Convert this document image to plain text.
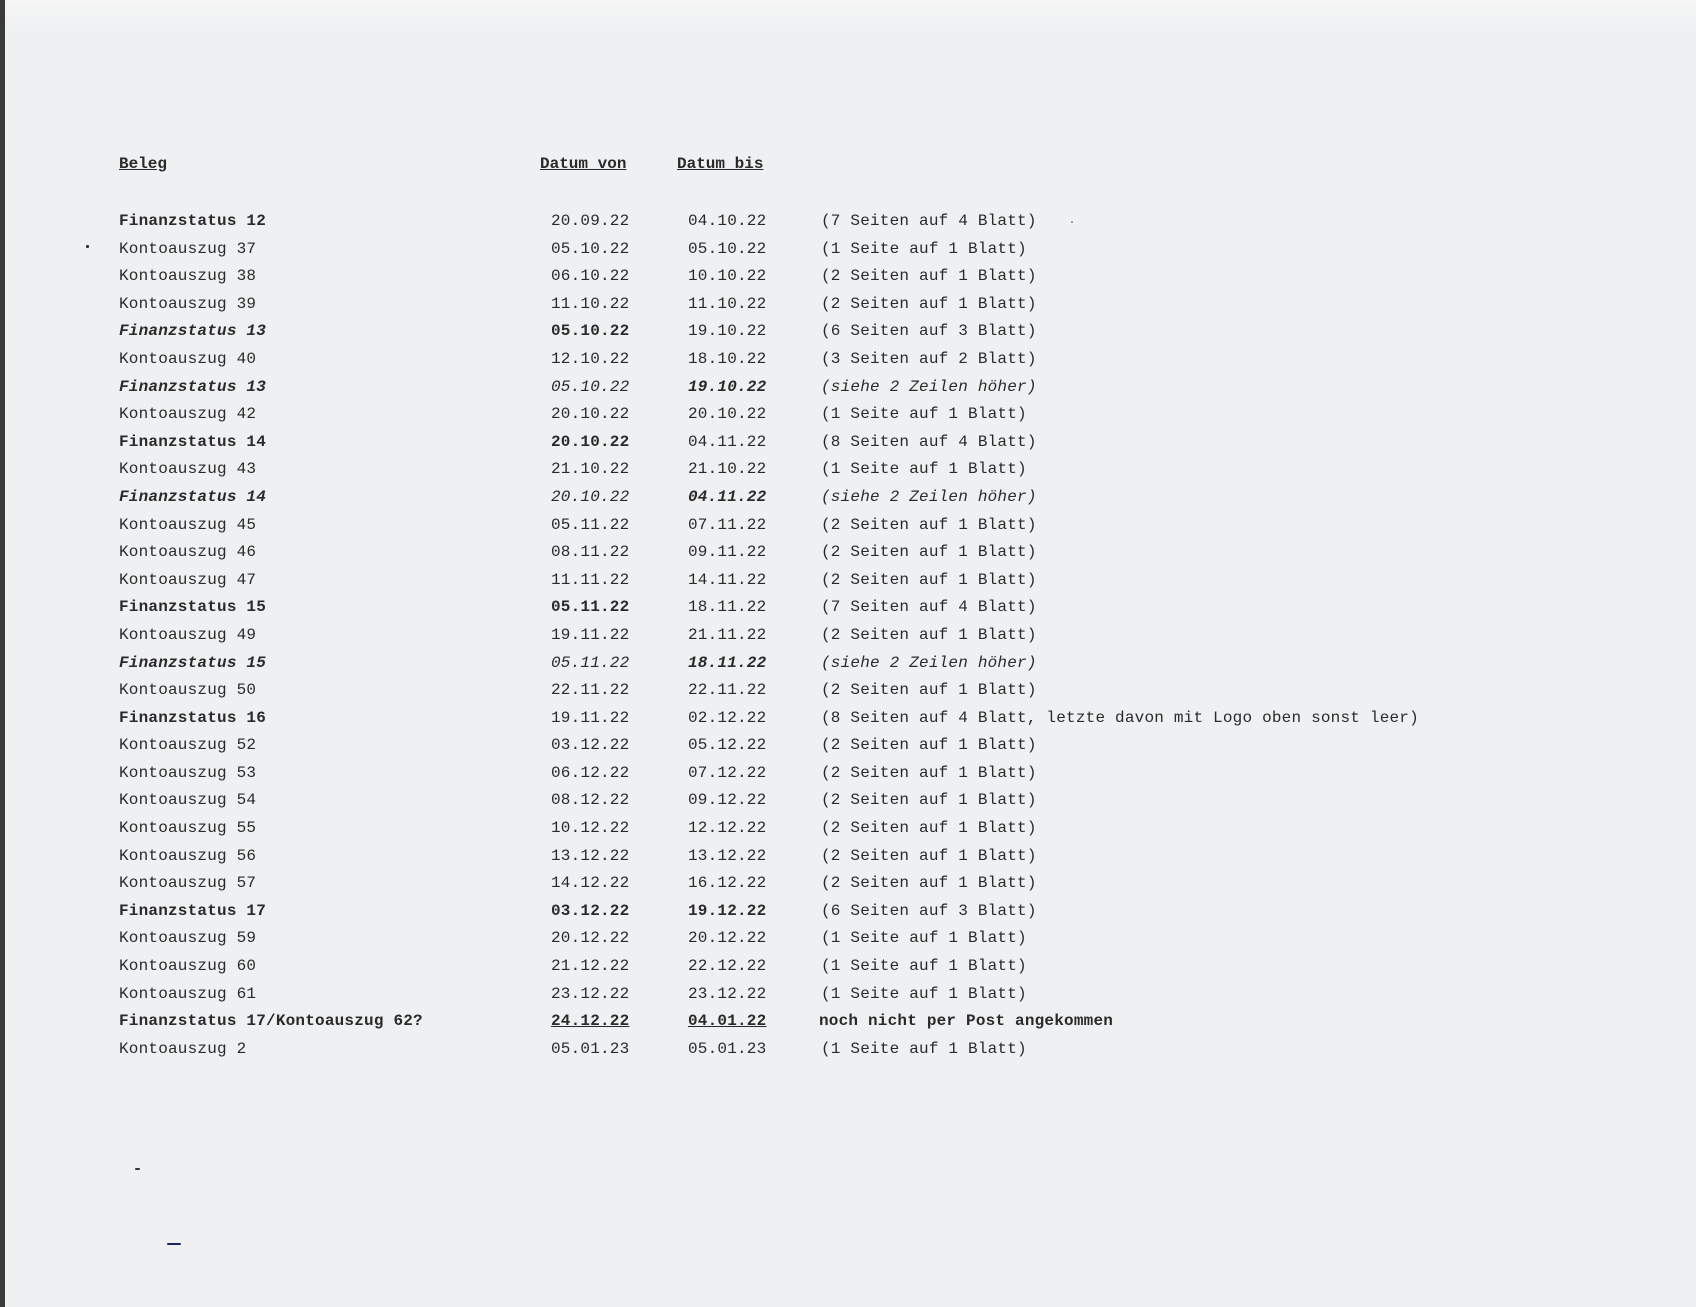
Beleg	Datum von	Datum bis
Finanzstatus 12	20.09.22	04.10.22	(7 Seiten auf 4 Blatt)
Kontoauszug 37	05.10.22	05.10.22	(1 Seite auf 1 Blatt)
Kontoauszug 38	06.10.22	10.10.22	(2 Seiten auf 1 Blatt)
Kontoauszug 39	11.10.22	11.10.22	(2 Seiten auf 1 Blatt)
Finanzstatus 13	05.10.22	19.10.22	(6 Seiten auf 3 Blatt)
Kontoauszug 40	12.10.22	18.10.22	(3 Seiten auf 2 Blatt)
Finanzstatus 13	05.10.22	19.10.22	(siehe 2 Zeilen höher)
Kontoauszug 42	20.10.22	20.10.22	(1 Seite auf 1 Blatt)
Finanzstatus 14	20.10.22	04.11.22	(8 Seiten auf 4 Blatt)
Kontoauszug 43	21.10.22	21.10.22	(1 Seite auf 1 Blatt)
Finanzstatus 14	20.10.22	04.11.22	(siehe 2 Zeilen höher)
Kontoauszug 45	05.11.22	07.11.22	(2 Seiten auf 1 Blatt)
Kontoauszug 46	08.11.22	09.11.22	(2 Seiten auf 1 Blatt)
Kontoauszug 47	11.11.22	14.11.22	(2 Seiten auf 1 Blatt)
Finanzstatus 15	05.11.22	18.11.22	(7 Seiten auf 4 Blatt)
Kontoauszug 49	19.11.22	21.11.22	(2 Seiten auf 1 Blatt)
Finanzstatus 15	05.11.22	18.11.22	(siehe 2 Zeilen höher)
Kontoauszug 50	22.11.22	22.11.22	(2 Seiten auf 1 Blatt)
Finanzstatus 16	19.11.22	02.12.22	(8 Seiten auf 4 Blatt, letzte davon mit Logo oben sonst leer)
Kontoauszug 52	03.12.22	05.12.22	(2 Seiten auf 1 Blatt)
Kontoauszug 53	06.12.22	07.12.22	(2 Seiten auf 1 Blatt)
Kontoauszug 54	08.12.22	09.12.22	(2 Seiten auf 1 Blatt)
Kontoauszug 55	10.12.22	12.12.22	(2 Seiten auf 1 Blatt)
Kontoauszug 56	13.12.22	13.12.22	(2 Seiten auf 1 Blatt)
Kontoauszug 57	14.12.22	16.12.22	(2 Seiten auf 1 Blatt)
Finanzstatus 17	03.12.22	19.12.22	(6 Seiten auf 3 Blatt)
Kontoauszug 59	20.12.22	20.12.22	(1 Seite auf 1 Blatt)
Kontoauszug 60	21.12.22	22.12.22	(1 Seite auf 1 Blatt)
Kontoauszug 61	23.12.22	23.12.22	(1 Seite auf 1 Blatt)
Finanzstatus 17/Kontoauszug 62?	24.12.22	04.01.22	noch nicht per Post angekommen
Kontoauszug 2	05.01.23	05.01.23	(1 Seite auf 1 Blatt)
